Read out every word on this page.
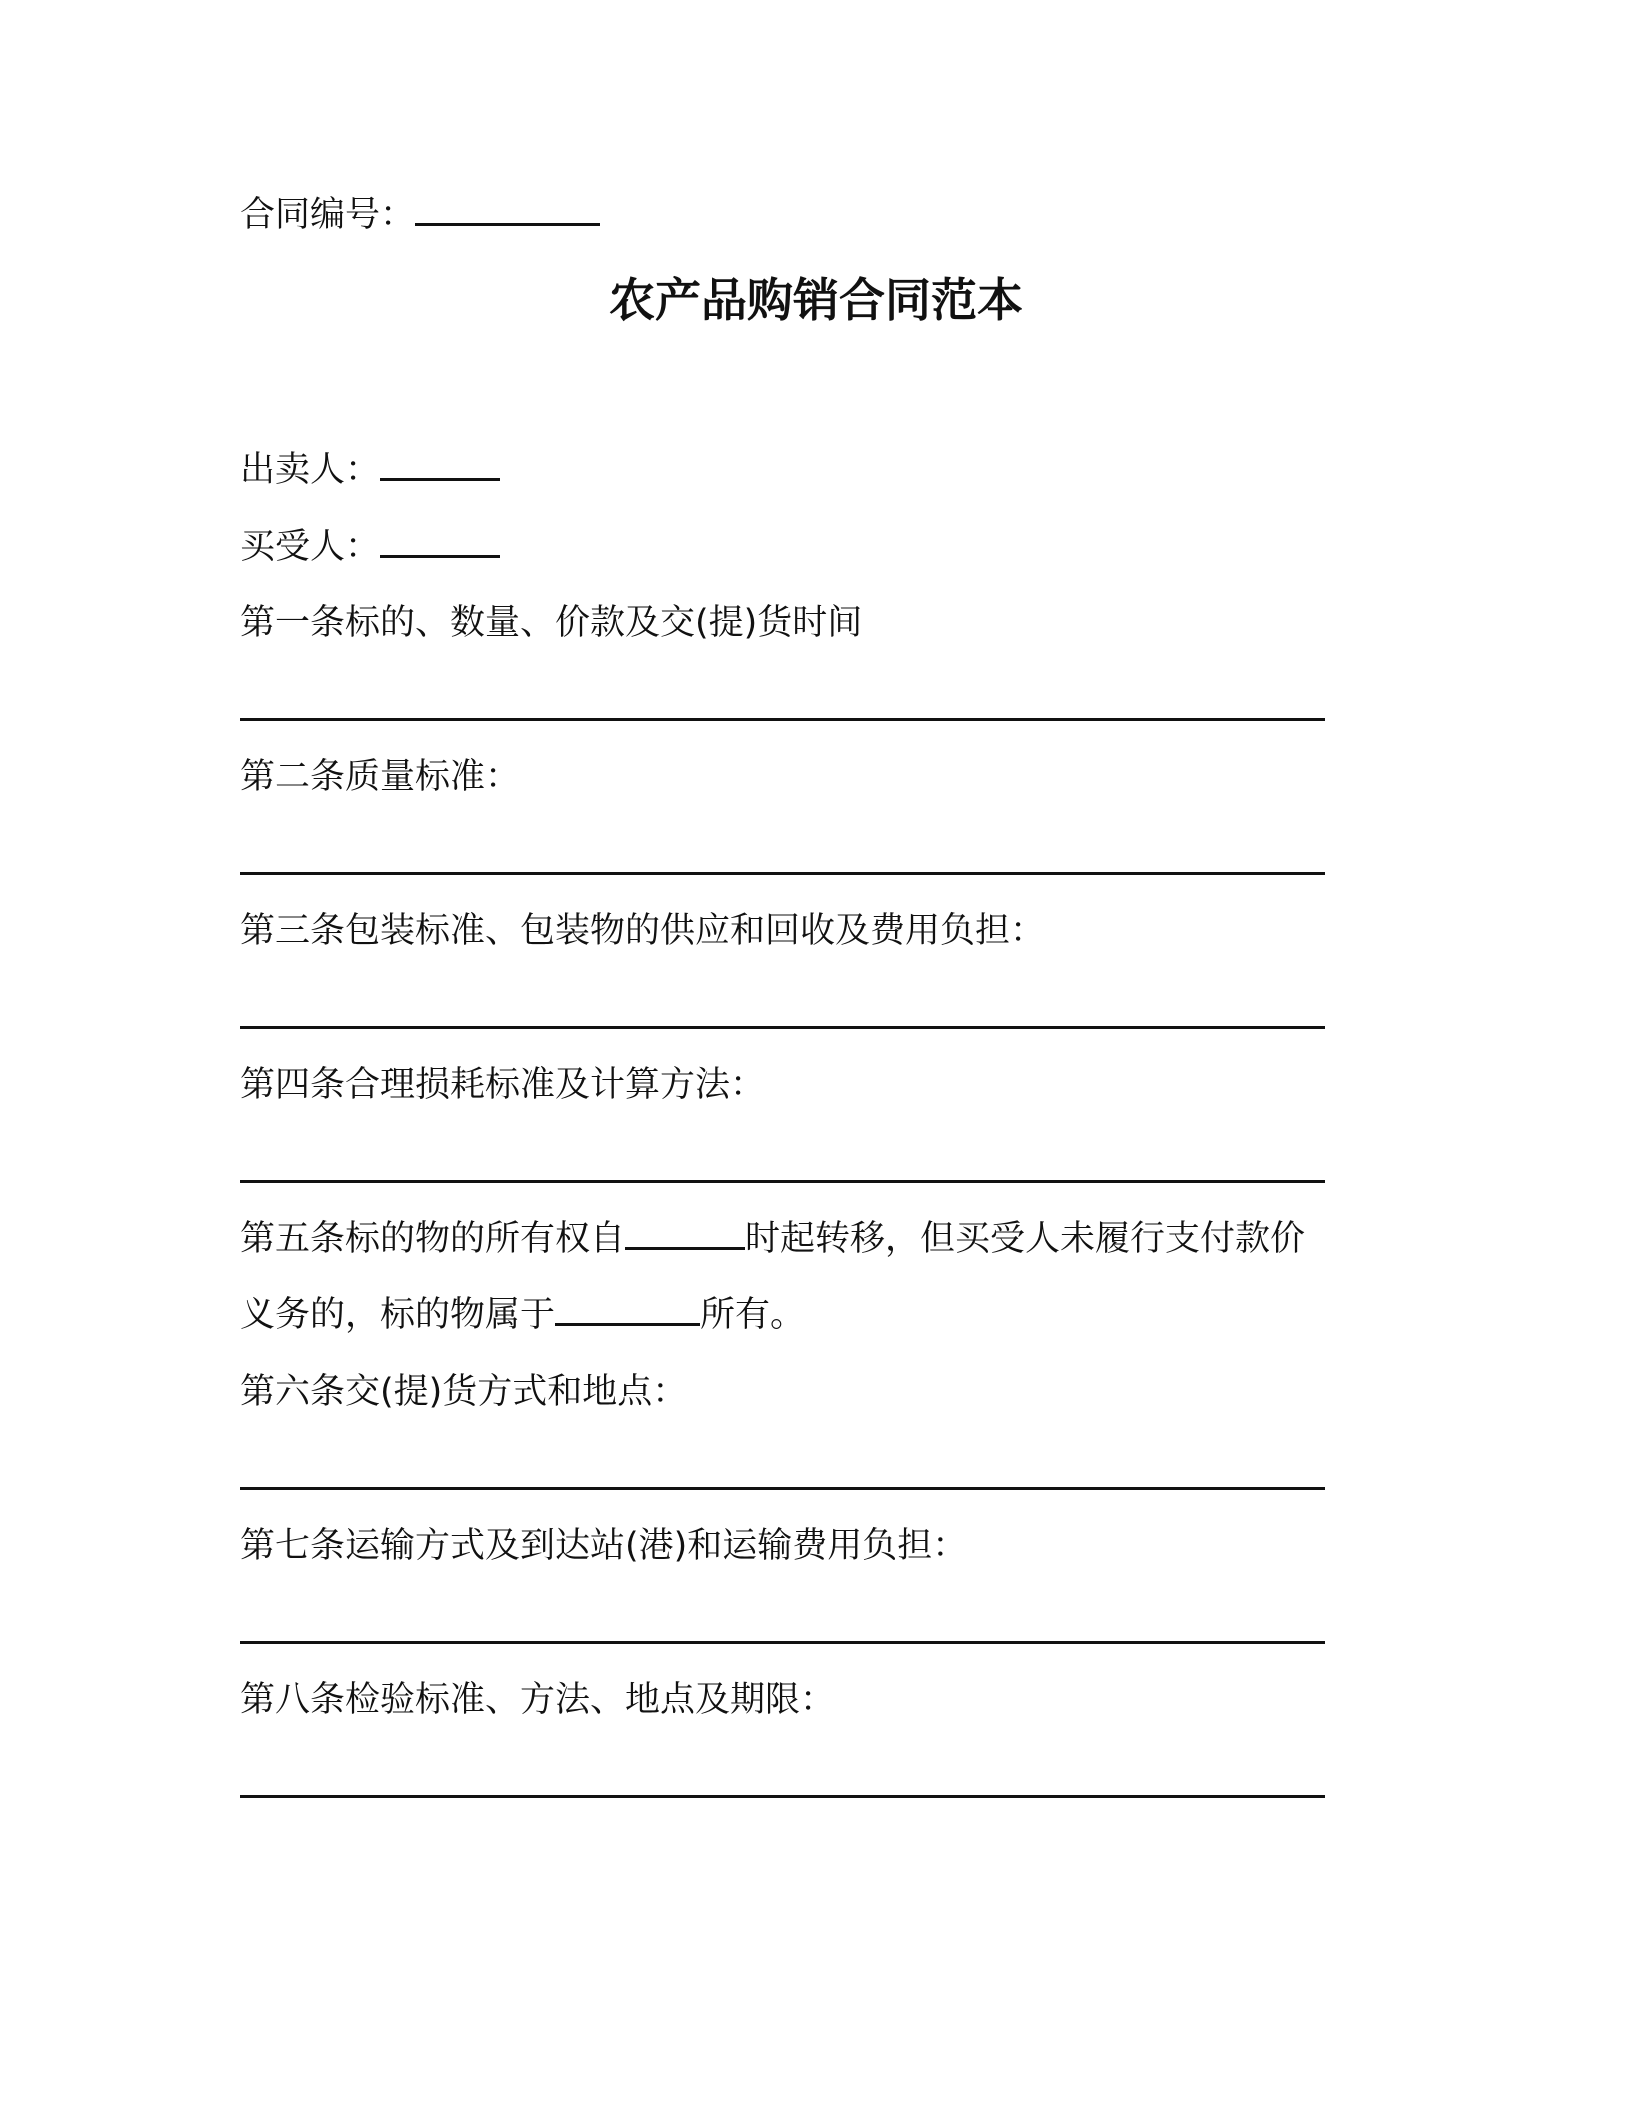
合同编号：
农产品购销合同范本
出卖人：
买受人：
第一条标的、数量、价款及交(提)货时间
第二条质量标准：
第三条包装标准、包装物的供应和回收及费用负担：
第四条合理损耗标准及计算方法：
第五条标的物的所有权自	时起转移，但买受人未履行支付款价
义务的，标的物属于	所有。
第六条交(提)货方式和地点：
第七条运输方式及到达站(港)和运输费用负担：
第八条检验标准、方法、地点及期限：
